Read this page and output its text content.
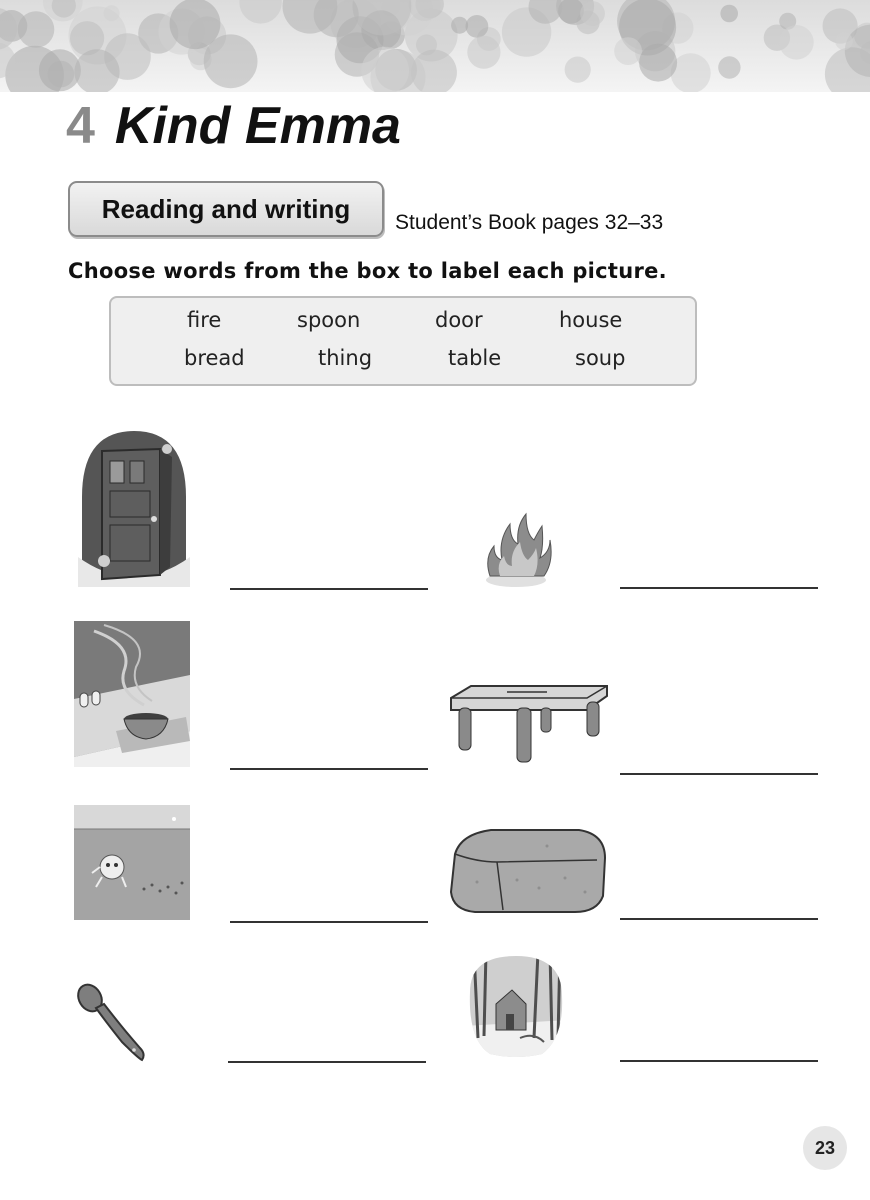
4 Kind Emma
Reading and writing	Student’s Book pages 32–33
Choose words from the box to label each picture.
fire	spoon	door	house
bread	thing	table	soup
23
